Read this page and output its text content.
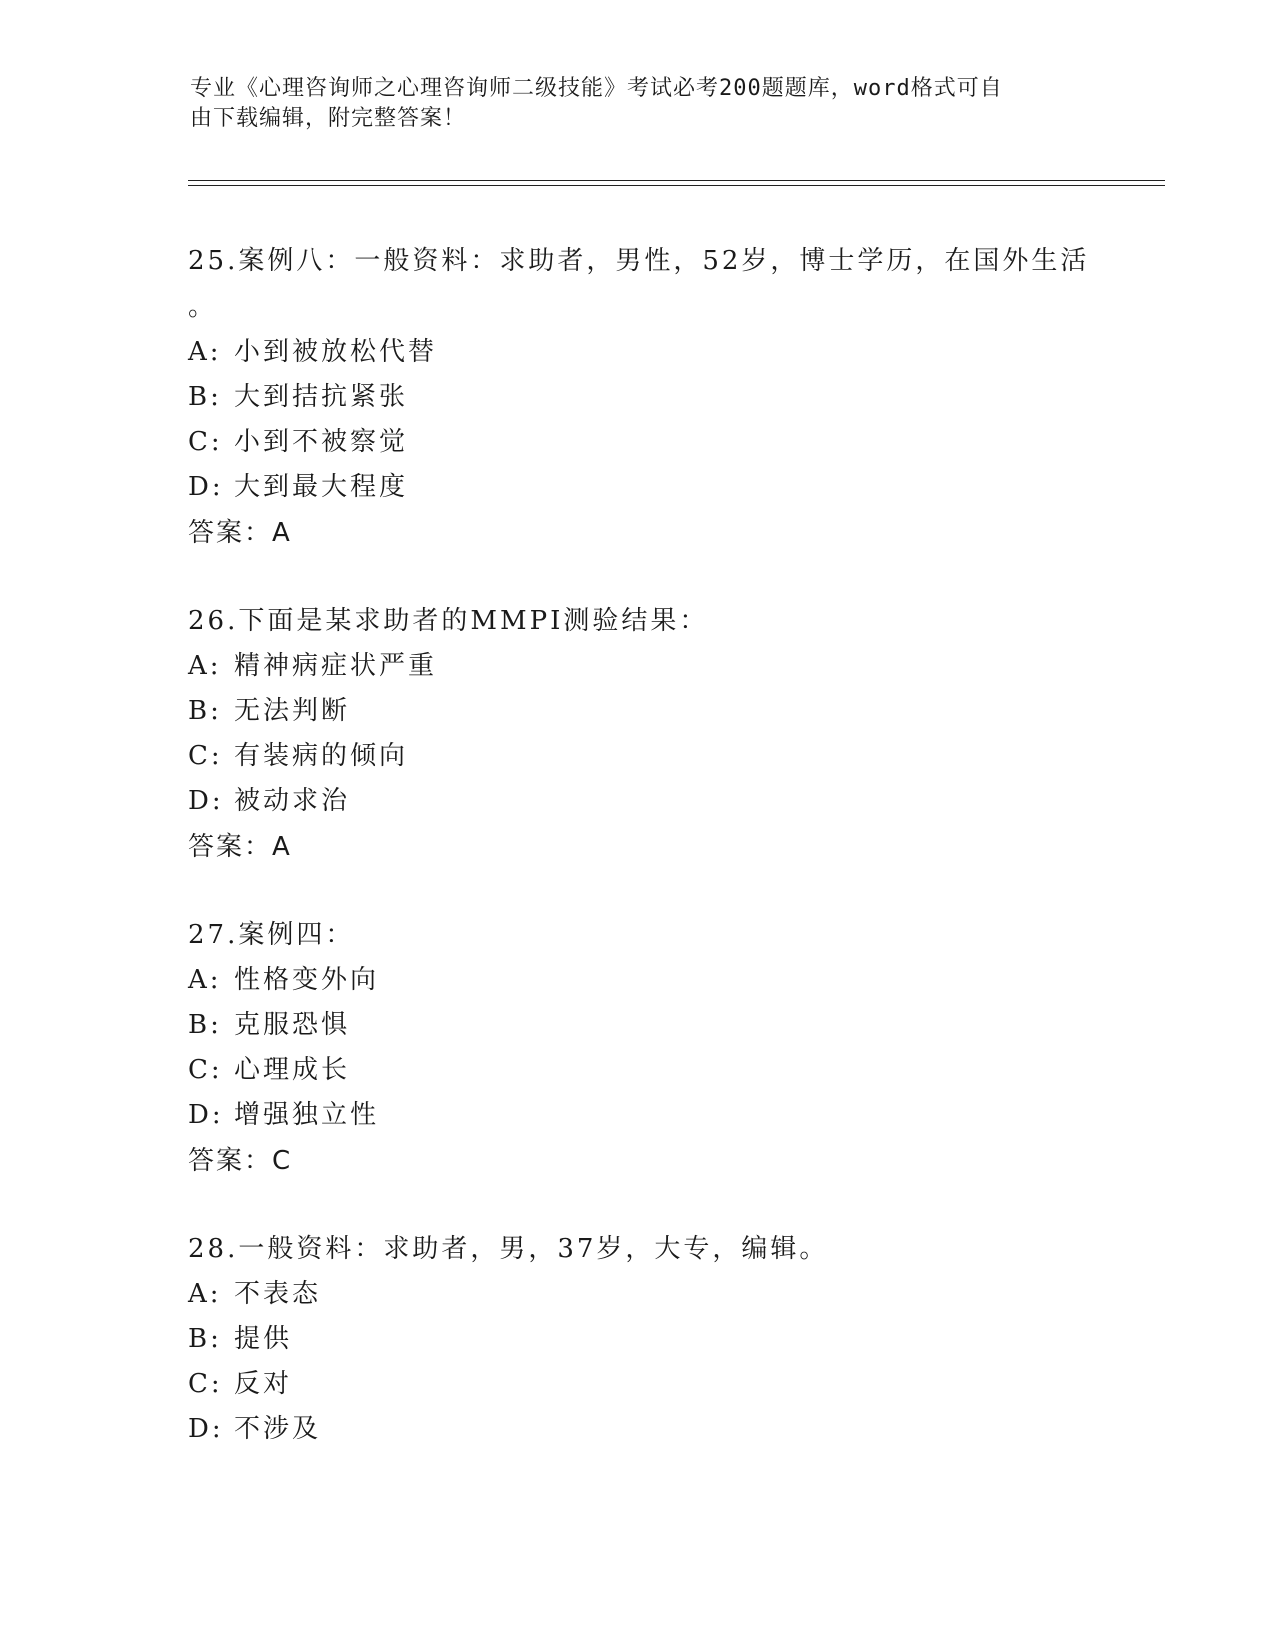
专业《心理咨询师之心理咨询师二级技能》考试必考200题题库，word格式可自
由下载编辑，附完整答案！
25.案例八：一般资料：求助者，男性，52岁，博士学历，在国外生活
。
A: 小到被放松代替
B: 大到拮抗紧张
C: 小到不被察觉
D: 大到最大程度
答案：A
26.下面是某求助者的MMPI测验结果：
A: 精神病症状严重
B: 无法判断
C: 有装病的倾向
D: 被动求治
答案：A
27.案例四：
A: 性格变外向
B: 克服恐惧
C: 心理成长
D: 增强独立性
答案：C
28.一般资料：求助者，男，37岁，大专，编辑。
A: 不表态
B: 提供
C: 反对
D: 不涉及
